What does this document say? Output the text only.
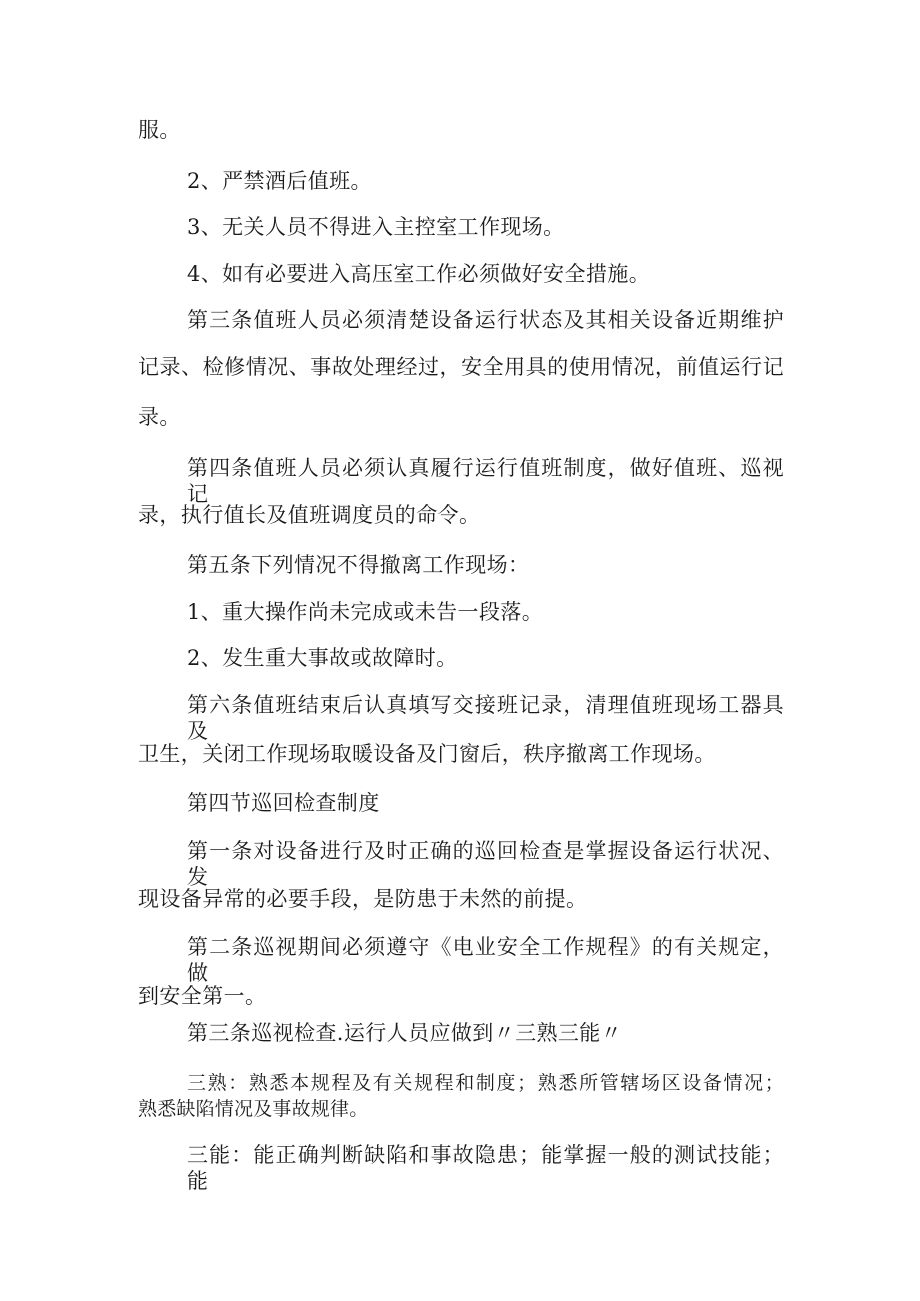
服。
2、严禁酒后值班。
3、无关人员不得进入主控室工作现场。
4、如有必要进入高压室工作必须做好安全措施。
第三条值班人员必须清楚设备运行状态及其相关设备近期维护
记录、检修情况、事故处理经过，安全用具的使用情况，前值运行记
录。
第四条值班人员必须认真履行运行值班制度，做好值班、巡视记
录，执行值长及值班调度员的命令。
第五条下列情况不得撤离工作现场：
1、重大操作尚未完成或未告一段落。
2、发生重大事故或故障时。
第六条值班结束后认真填写交接班记录，清理值班现场工器具及
卫生，关闭工作现场取暖设备及门窗后，秩序撤离工作现场。
第四节巡回检查制度
第一条对设备进行及时正确的巡回检查是掌握设备运行状况、发
现设备异常的必要手段，是防患于未然的前提。
第二条巡视期间必须遵守《电业安全工作规程》的有关规定，做
到安全第一。
第三条巡视检查.运行人员应做到〃三熟三能〃
三熟：熟悉本规程及有关规程和制度；熟悉所管辖场区设备情况；
熟悉缺陷情况及事故规律。
三能：能正确判断缺陷和事故隐患；能掌握一般的测试技能；能
